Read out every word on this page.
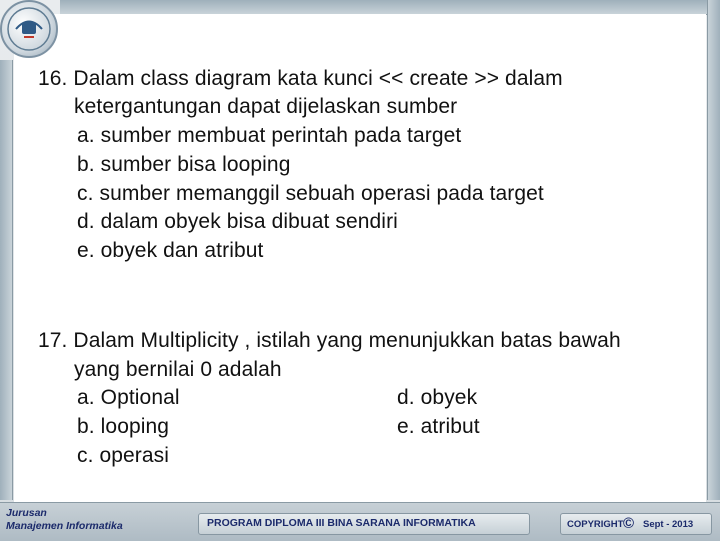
16. Dalam class diagram kata kunci << create >> dalam
ketergantungan dapat dijelaskan sumber
a. sumber membuat perintah pada target
b. sumber bisa looping
c. sumber memanggil sebuah operasi pada target
d. dalam obyek bisa dibuat sendiri
e. obyek dan atribut
17. Dalam Multiplicity , istilah yang menunjukkan batas bawah
yang bernilai 0 adalah
a. Optional
b. looping
c. operasi
d. obyek
e. atribut
Jurusan
Manajemen Informatika	PROGRAM DIPLOMA III BINA SARANA INFORMATIKA	COPYRIGHT © Sept - 2013
